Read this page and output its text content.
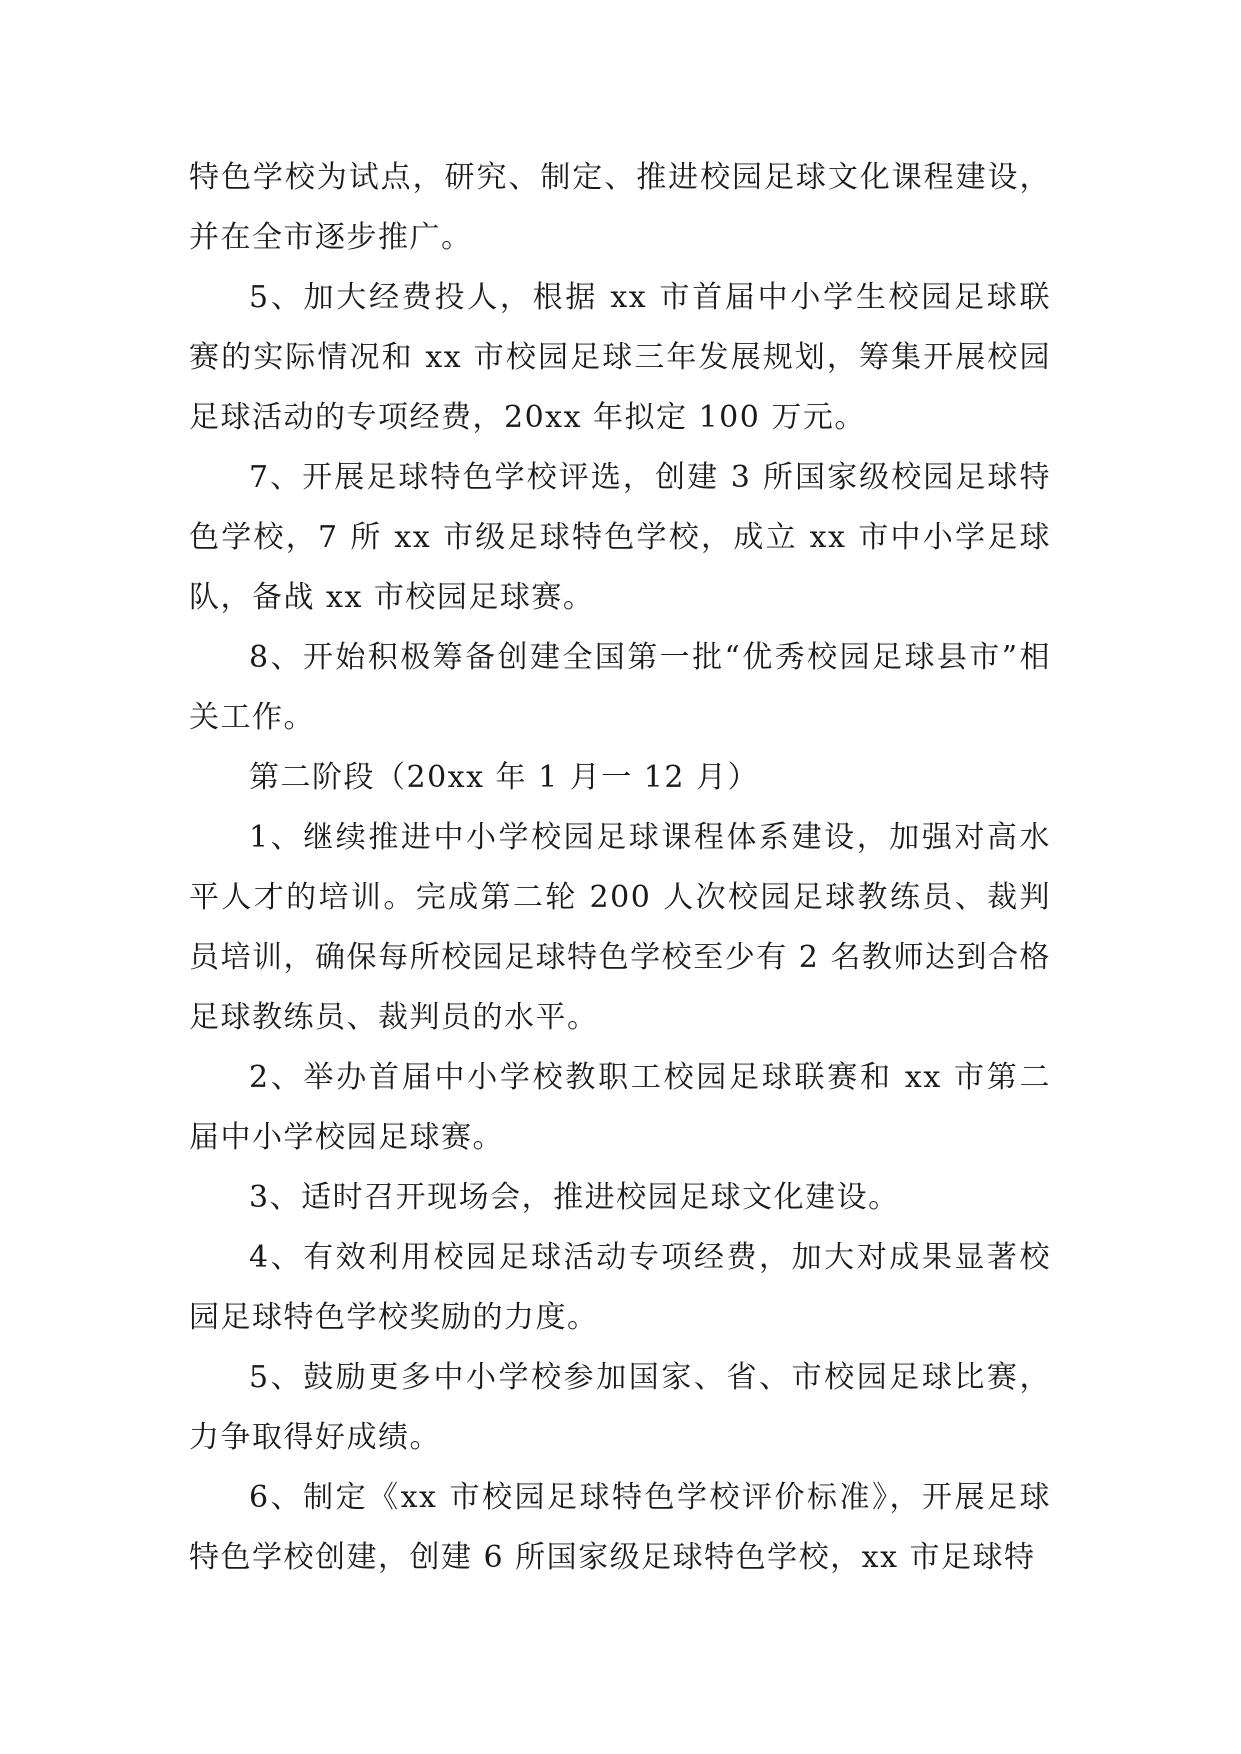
特色学校为试点，研究、制定、推进校园足球文化课程建设，并在全市逐步推广。

5、加大经费投人，根据 xx 市首届中小学生校园足球联赛的实际情况和 xx 市校园足球三年发展规划，筹集开展校园足球活动的专项经费，20xx 年拟定 100 万元。

7、开展足球特色学校评选，创建 3 所国家级校园足球特色学校，7 所 xx 市级足球特色学校，成立 xx 市中小学足球队，备战 xx 市校园足球赛。

8、开始积极筹备创建全国第一批“优秀校园足球县市”相关工作。

第二阶段（20xx 年 1 月一 12 月）

1、继续推进中小学校园足球课程体系建设，加强对高水平人才的培训。完成第二轮 200 人次校园足球教练员、裁判员培训，确保每所校园足球特色学校至少有 2 名教师达到合格足球教练员、裁判员的水平。

2、举办首届中小学校教职工校园足球联赛和 xx 市第二届中小学校园足球赛。

3、适时召开现场会，推进校园足球文化建设。

4、有效利用校园足球活动专项经费，加大对成果显著校园足球特色学校奖励的力度。

5、鼓励更多中小学校参加国家、省、市校园足球比赛，力争取得好成绩。

6、制定《xx 市校园足球特色学校评价标准》，开展足球特色学校创建，创建 6 所国家级足球特色学校，xx 市足球特
